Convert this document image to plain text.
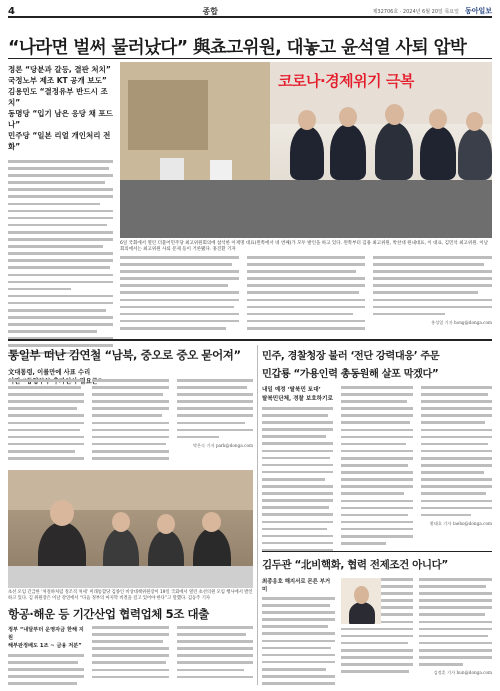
4	종합	제32706호 · 2024년 6월 20일 목요일 동아일보
“나라면 벌써 물러났다” 與쵸고위원, 대놓고 윤석열 사퇴 압박
정론 “당분과 갈등, 결판 처치”
국정노부 제조 KT 공개 보도”
김용민도 “결정유부 반드시 조치”
동명당 “입기 남은 응당 채 포드나”
민주당 “일본 리얼 개인처리 전화”
코로나·경제위기 극복
6일 국회에서 열린 더불어민주당 최고위원회의에 참석한 이재명 대표(왼쪽에서 네 번째)가 모두 발언을 하고 있다. 왼쪽부터 김용 최고위원, 박찬대 원내대표, 이 대표, 김민석 최고위원. 이날 회의에서는 최고위원 사퇴 문제 등이 거론됐다. 홍진환 기자
홍성열 기자 hong@donga.com
통일부 떠난 김연철 “남북, 중오로 중오 묻어져”
文대통령, 이를만에 사표 수리
필요론”
박은숙 기자 park@donga.com
초선 모임 긴급한 ‘처절하처럼 정조직 처세’ 미래통합당 김종인 비상대책위원장이 19일 국회에서 열린 초선의원 모임 행사에서 발언하고 있다. 김 위원장은 이날 강연에서 “다음 정부의 마지막 비결을 걸고 있어야 한다”고 말했다. 김동주 기자
항공·해운 등 기간산업 협력업체 5조 대출
정부 “내달부터 운영자금 한해 지원
해부판정배도 1조 ~ 금융 저분”
민주, 경찰청장 불러 ‘전단 강력대응’ 주문
민갑룡 “가용인력 총동원해 살포 막겠다”
내일 예정 ‘탈북민 토대’
탈북민단체, 경찰 보호하기로
황태호 기자 taeho@donga.com
김두관 “北비핵화, 협력 전제조건 아니다”
최종옹호 해지서로 몬른 부거미
김정훈 기자 hun@donga.com
